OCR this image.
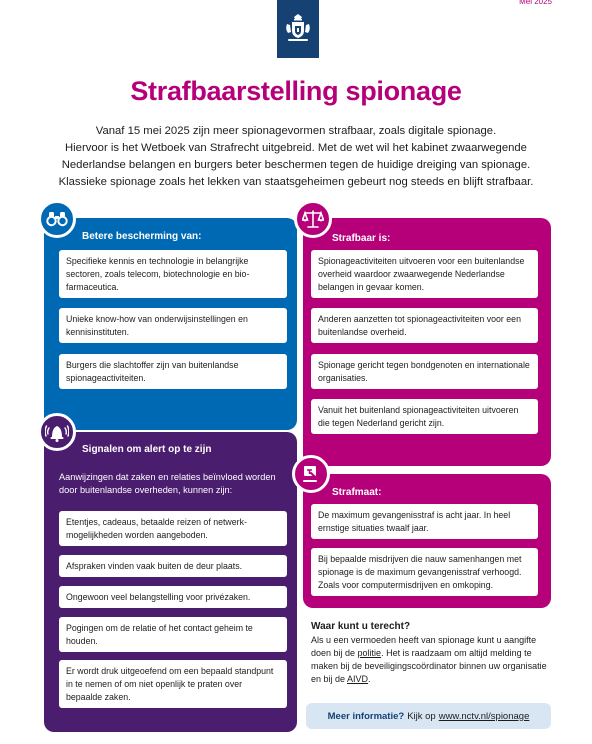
Mei 2025
Strafbaarstelling spionage
Vanaf 15 mei 2025 zijn meer spionagevormen strafbaar, zoals digitale spionage.
Hiervoor is het Wetboek van Strafrecht uitgebreid. Met de wet wil het kabinet zwaarwegende
Nederlandse belangen en burgers beter beschermen tegen de huidige dreiging van spionage.
Klassieke spionage zoals het lekken van staatsgeheimen gebeurt nog steeds en blijft strafbaar.
Betere bescherming van:
Specifieke kennis en technologie in belangrijke sectoren, zoals telecom, biotechnologie en bio-farmaceutica.
Unieke know-how van onderwijsinstellingen en kennisinstituten.
Burgers die slachtoffer zijn van buitenlandse spionageactiviteiten.
Strafbaar is:
Spionageactiviteiten uitvoeren voor een buitenlandse overheid waardoor zwaarwegende Nederlandse belangen in gevaar komen.
Anderen aanzetten tot spionageactiviteiten voor een buitenlandse overheid.
Spionage gericht tegen bondgenoten en internationale organisaties.
Vanuit het buitenland spionageactiviteiten uitvoeren die tegen Nederland gericht zijn.
Signalen om alert op te zijn
Aanwijzingen dat zaken en relaties beïnvloed worden door buitenlandse overheden, kunnen zijn:
Etentjes, cadeaus, betaalde reizen of netwerk-mogelijkheden worden aangeboden.
Afspraken vinden vaak buiten de deur plaats.
Ongewoon veel belangstelling voor privézaken.
Pogingen om de relatie of het contact geheim te houden.
Er wordt druk uitgeoefend om een bepaald standpunt in te nemen of om niet openlijk te praten over bepaalde zaken.
Strafmaat:
De maximum gevangenisstraf is acht jaar. In heel ernstige situaties twaalf jaar.
Bij bepaalde misdrijven die nauw samenhangen met spionage is de maximum gevangenisstraf verhoogd. Zoals voor computermisdrijven en omkoping.
Waar kunt u terecht?
Als u een vermoeden heeft van spionage kunt u aangifte doen bij de politie. Het is raadzaam om altijd melding te maken bij de beveiligingscoördinator binnen uw organisatie en bij de AIVD.
Meer informatie? Kijk op www.nctv.nl/spionage
